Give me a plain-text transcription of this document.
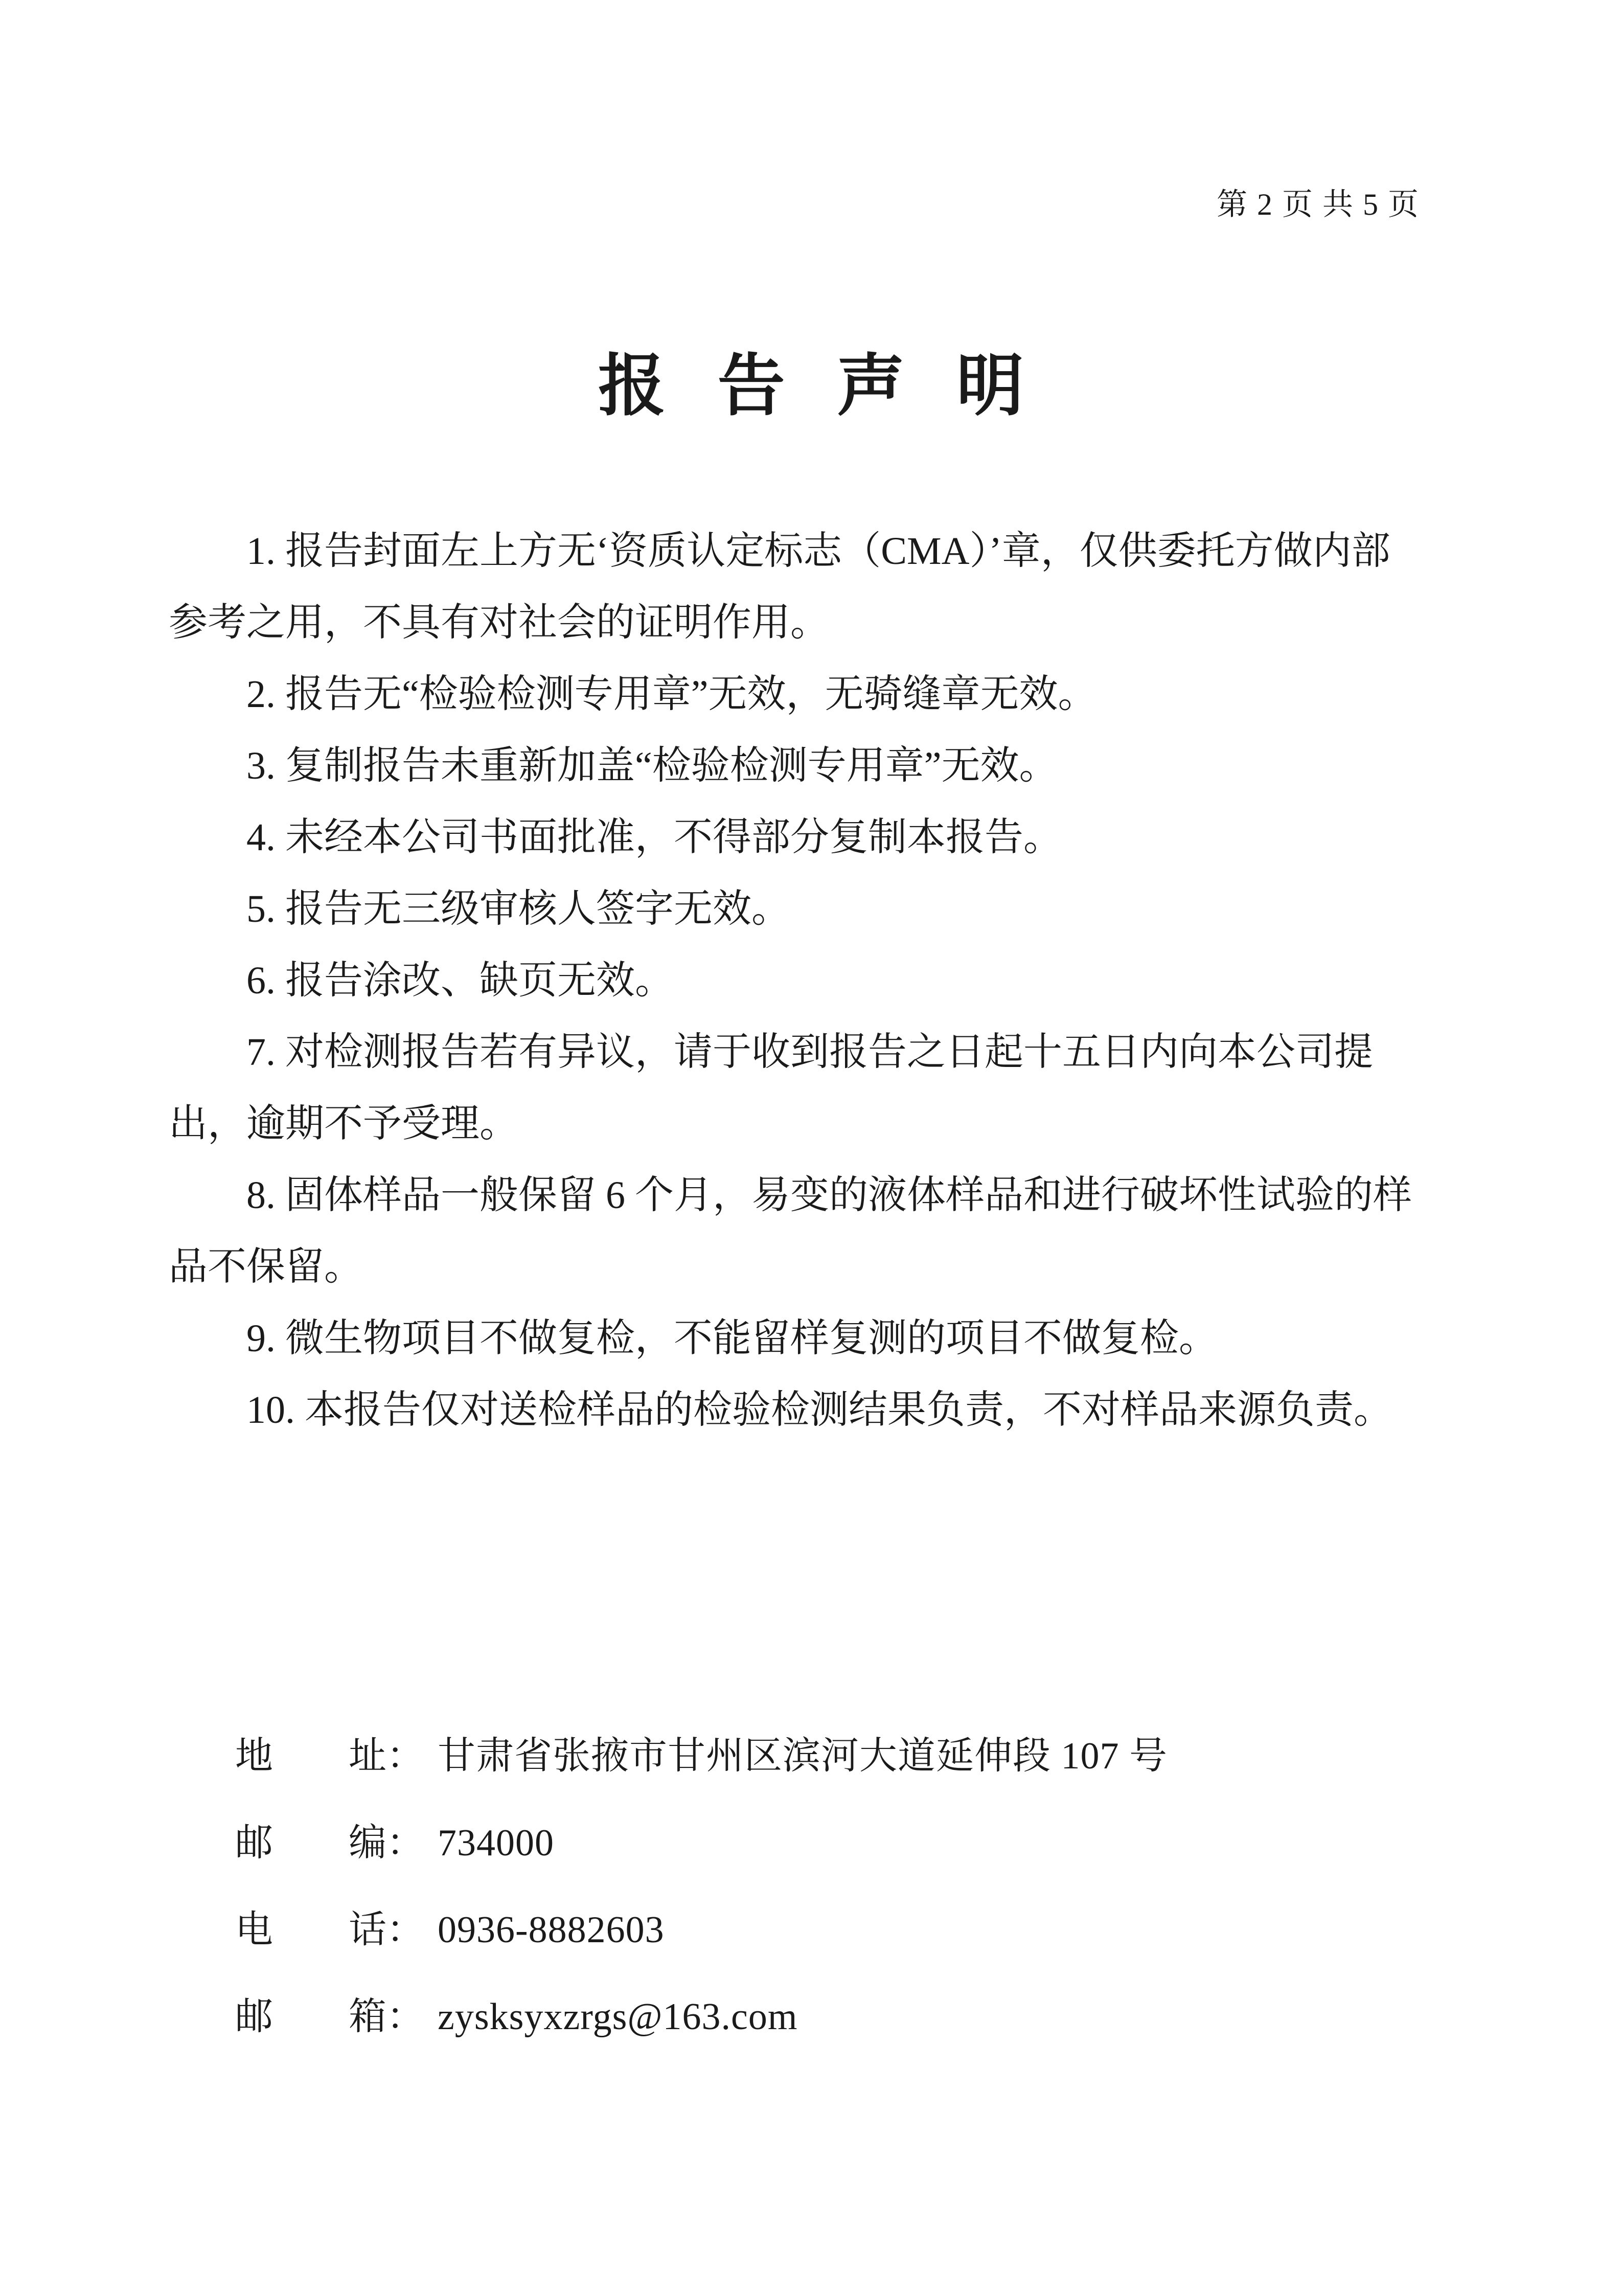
第 2 页 共 5 页
报 告 声 明
1. 报告封面左上方无‘资质认定标志（CMA）’章，仅供委托方做内部
参考之用，不具有对社会的证明作用。
2. 报告无“检验检测专用章”无效，无骑缝章无效。
3. 复制报告未重新加盖“检验检测专用章”无效。
4. 未经本公司书面批准，不得部分复制本报告。
5. 报告无三级审核人签字无效。
6. 报告涂改、缺页无效。
7. 对检测报告若有异议，请于收到报告之日起十五日内向本公司提
出，逾期不予受理。
8. 固体样品一般保留 6 个月，易变的液体样品和进行破坏性试验的样
品不保留。
9. 微生物项目不做复检，不能留样复测的项目不做复检。
10. 本报告仅对送检样品的检验检测结果负责，不对样品来源负责。
地　　址： 甘肃省张掖市甘州区滨河大道延伸段 107 号
邮　　编： 734000
电　　话： 0936-8882603
邮　　箱： zysksyxzrgs@163.com
